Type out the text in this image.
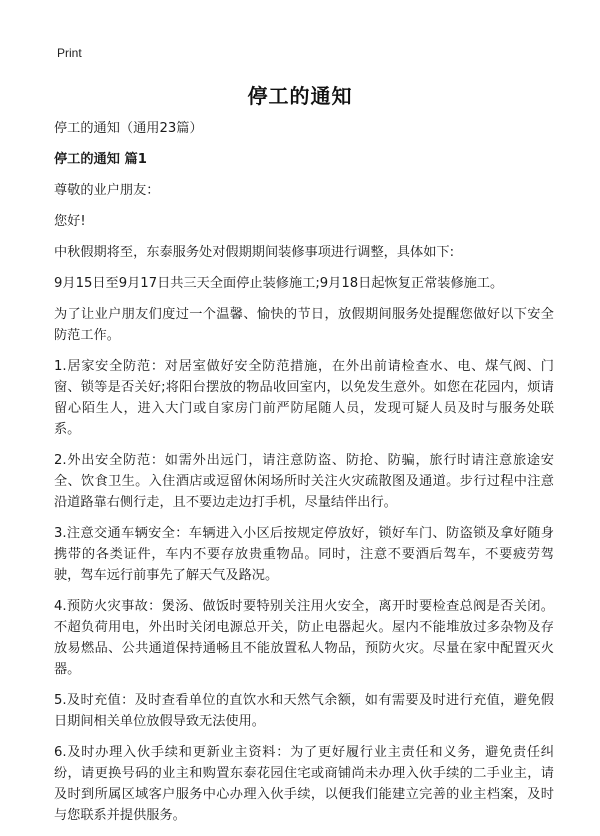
Print
停工的通知

停工的通知（通用23篇）

停工的通知 篇1

尊敬的业户朋友：

您好!

中秋假期将至，东泰服务处对假期期间装修事项进行调整，具体如下:

9月15日至9月17日共三天全面停止装修施工;9月18日起恢复正常装修施工。

为了让业户朋友们度过一个温馨、愉快的节日，放假期间服务处提醒您做好以下安全防范工作。

1.居家安全防范：对居室做好安全防范措施，在外出前请检查水、电、煤气阀、门窗、锁等是否关好;将阳台摆放的物品收回室内，以免发生意外。如您在花园内，烦请留心陌生人，进入大门或自家房门前严防尾随人员，发现可疑人员及时与服务处联系。

2.外出安全防范：如需外出远门，请注意防盗、防抢、防骗，旅行时请注意旅途安全、饮食卫生。入住酒店或逗留休闲场所时关注火灾疏散图及通道。步行过程中注意沿道路靠右侧行走，且不要边走边打手机，尽量结伴出行。

3.注意交通车辆安全：车辆进入小区后按规定停放好，锁好车门、防盗锁及拿好随身携带的各类证件，车内不要存放贵重物品。同时，注意不要酒后驾车，不要疲劳驾驶，驾车远行前事先了解天气及路况。

4.预防火灾事故：煲汤、做饭时要特别关注用火安全，离开时要检查总阀是否关闭。不超负荷用电，外出时关闭电源总开关，防止电器起火。屋内不能堆放过多杂物及存放易燃品、公共通道保持通畅且不能放置私人物品，预防火灾。尽量在家中配置灭火器。

5.及时充值：及时查看单位的直饮水和天然气余额，如有需要及时进行充值，避免假日期间相关单位放假导致无法使用。

6.及时办理入伙手续和更新业主资料：为了更好履行业主责任和义务，避免责任纠纷，请更换号码的业主和购置东泰花园住宅或商铺尚未办理入伙手续的二手业主，请及时到所属区域客户服务中心办理入伙手续，以便我们能建立完善的业主档案，及时与您联系并提供服务。
